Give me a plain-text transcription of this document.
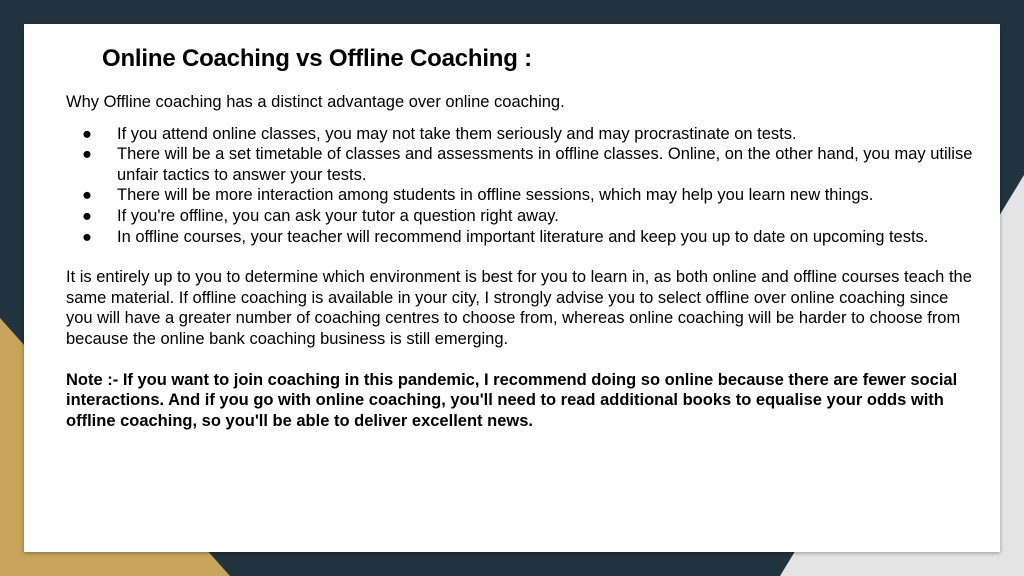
Online Coaching vs Offline Coaching :

Why Offline coaching has a distinct advantage over online coaching.

● If you attend online classes, you may not take them seriously and may procrastinate on tests.
● There will be a set timetable of classes and assessments in offline classes. Online, on the other hand, you may utilise unfair tactics to answer your tests.
● There will be more interaction among students in offline sessions, which may help you learn new things.
● If you're offline, you can ask your tutor a question right away.
● In offline courses, your teacher will recommend important literature and keep you up to date on upcoming tests.

It is entirely up to you to determine which environment is best for you to learn in, as both online and offline courses teach the same material. If offline coaching is available in your city, I strongly advise you to select offline over online coaching since you will have a greater number of coaching centres to choose from, whereas online coaching will be harder to choose from because the online bank coaching business is still emerging.

Note :- If you want to join coaching in this pandemic, I recommend doing so online because there are fewer social interactions. And if you go with online coaching, you'll need to read additional books to equalise your odds with offline coaching, so you'll be able to deliver excellent news.
